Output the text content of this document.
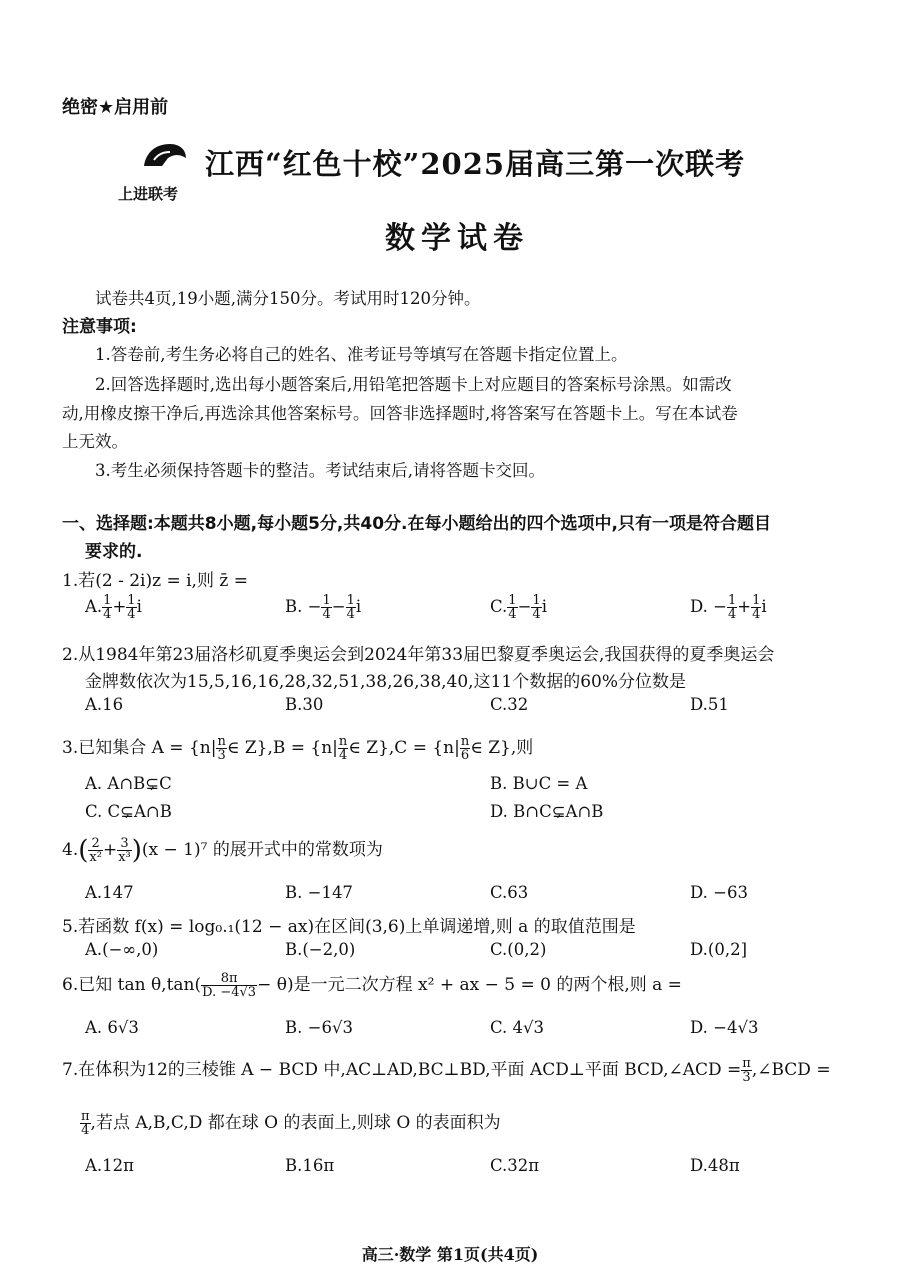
绝密★启用前
上进联考
江西“红色十校”2025届高三第一次联考
数学试卷
试卷共4页,19小题,满分150分。考试用时120分钟。
注意事项:
1.答卷前,考生务必将自己的姓名、准考证号等填写在答题卡指定位置上。
2.回答选择题时,选出每小题答案后,用铅笔把答题卡上对应题目的答案标号涂黑。如需改
动,用橡皮擦干净后,再选涂其他答案标号。回答非选择题时,将答案写在答题卡上。写在本试卷
上无效。
3.考生必须保持答题卡的整洁。考试结束后,请将答题卡交回。
一、选择题:本题共8小题,每小题5分,共40分.在每小题给出的四个选项中,只有一项是符合题目
要求的.
1.若(2 - 2i)z = i,则 z̄ =
A. $\frac{1}{4} + \frac{1}{4}$ i	B. − $\frac{1}{4} - \frac{1}{4}$ i	C. $\frac{1}{4} - \frac{1}{4}$ i	D. − $\frac{1}{4} + \frac{1}{4}$ i
2.从1984年第23届洛杉矶夏季奥运会到2024年第33届巴黎夏季奥运会,我国获得的夏季奥运会
金牌数依次为15,5,16,16,28,32,51,38,26,38,40,这11个数据的60%分位数是
A.16	B.30	C.32	D.51
3.已知集合 $A = \{n| \frac{n}{3}$ ∈ $Z\},B = \{n| \frac{n}{4}$ ∈ $Z\},C = \{n| \frac{n}{6}$ ∈ Z},则
A. A∩B⊊C	B. B∪C = A
C. C⊊A∩B	D. B∩C⊊A∩B
$4.( \frac{2}{\text{x²}} + \frac{3}{\text{x³}} )(x - 1)^7$ 的展开式中的常数项为
A.147	B. −147	C.63	D. −63
5.若函数 f(x) = log₀.₁(12 − ax)在区间(3,6)上单调递增,则 a 的取值范围是
A.(−∞,0)	B.(−2,0)	C.(0,2)	D.(0,2]
6.已知 $\tan \theta,\tan( \frac{8\pi}{D. -4√3} - \theta)$是一元二次方程 x² + ax − 5 = 0 的两个根,则 a =
A. 6√3	B. −6√3	C. 4√3	D. −4√3
7.在体积为12的三棱锥 A − BCD 中,AC⊥AD,BC⊥BD,平面 ACD⊥平面 BCD,∠ACD = $\frac{\pi}{3}$ ,∠BCD =
$\frac{\pi}{4}$ ,若点 A,B,C,D 都在球 O 的表面上,则球 O 的表面积为
A.12π	B.16π	C.32π	D.48π
高三·数学 第1页(共4页)
